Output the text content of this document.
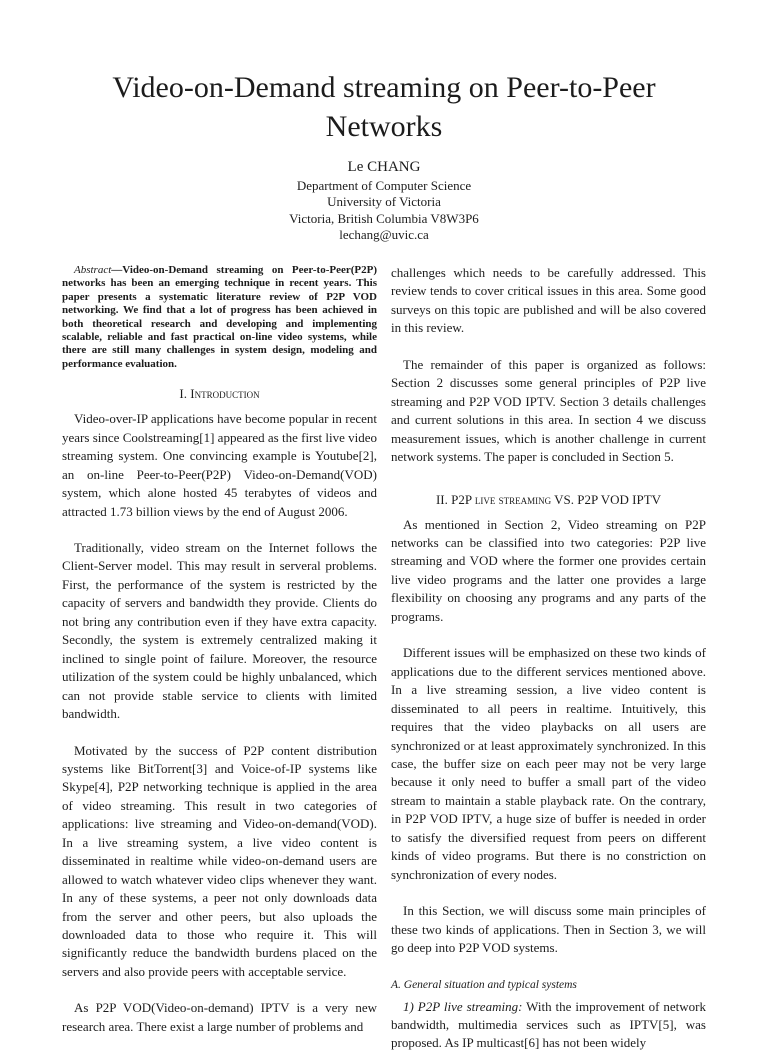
Video-on-Demand streaming on Peer-to-Peer Networks
Le CHANG
Department of Computer Science
University of Victoria
Victoria, British Columbia V8W3P6
lechang@uvic.ca

Abstract—Video-on-Demand streaming on Peer-to-Peer(P2P) networks has been an emerging technique in recent years. This paper presents a systematic literature review of P2P VOD networking. We find that a lot of progress has been achieved in both theoretical research and developing and implementing scalable, reliable and fast practical on-line video systems, while there are still many challenges in system design, modeling and performance evaluation.

I. Introduction

Video-over-IP applications have become popular in recent years since Coolstreaming[1] appeared as the first live video streaming system. One convincing example is Youtube[2], an on-line Peer-to-Peer(P2P) Video-on-Demand(VOD) system, which alone hosted 45 terabytes of videos and attracted 1.73 billion views by the end of August 2006.

Traditionally, video stream on the Internet follows the Client-Server model. This may result in serveral problems. First, the performance of the system is restricted by the capacity of servers and bandwidth they provide. Clients do not bring any contribution even if they have extra capacity. Secondly, the system is extremely centralized making it inclined to single point of failure. Moreover, the resource utilization of the system could be highly unbalanced, which can not provide stable service to clients with limited bandwidth.

Motivated by the success of P2P content distribution systems like BitTorrent[3] and Voice-of-IP systems like Skype[4], P2P networking technique is applied in the area of video streaming. This result in two categories of applications: live streaming and Video-on-demand(VOD). In a live streaming system, a live video content is disseminated in realtime while video-on-demand users are allowed to watch whatever video clips whenever they want. In any of these systems, a peer not only downloads data from the server and other peers, but also uploads the downloaded data to those who require it. This will significantly reduce the bandwidth burdens placed on the servers and also provide peers with acceptable service.

As P2P VOD(Video-on-demand) IPTV is a very new research area. There exist a large number of problems and

challenges which needs to be carefully addressed. This review tends to cover critical issues in this area. Some good surveys on this topic are published and will be also covered in this review.

The remainder of this paper is organized as follows: Section 2 discusses some general principles of P2P live streaming and P2P VOD IPTV. Section 3 details challenges and current solutions in this area. In section 4 we discuss measurement issues, which is another challenge in current network systems. The paper is concluded in Section 5.

II. P2P live streaming VS. P2P VOD IPTV

As mentioned in Section 2, Video streaming on P2P networks can be classified into two categories: P2P live streaming and VOD where the former one provides certain live video programs and the latter one provides a large flexibility on choosing any programs and any parts of the programs.

Different issues will be emphasized on these two kinds of applications due to the different services mentioned above. In a live streaming session, a live video content is disseminated to all peers in realtime. Intuitively, this requires that the video playbacks on all users are synchronized or at least approximately synchronized. In this case, the buffer size on each peer may not be very large because it only need to buffer a small part of the video stream to maintain a stable playback rate. On the contrary, in P2P VOD IPTV, a huge size of buffer is needed in order to satisfy the diversified request from peers on different kinds of video programs. But there is no constriction on synchronization of every nodes.

In this Section, we will discuss some main principles of these two kinds of applications. Then in Section 3, we will go deep into P2P VOD systems.

A. General situation and typical systems

1) P2P live streaming: With the improvement of network bandwidth, multimedia services such as IPTV[5], was proposed. As IP multicast[6] has not been widely
